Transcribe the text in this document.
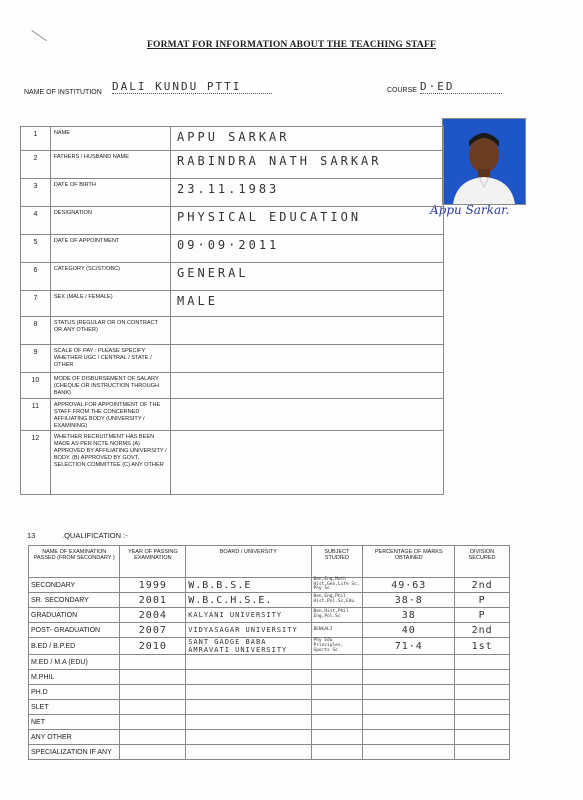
FORMAT FOR INFORMATION ABOUT THE TEACHING STAFF
NAME OF INSTITUTION DALI KUNDU PTTI	COURSE D·ED
Appu Sarkar.
1	NAME	APPU SARKAR
2	FATHERS / HUSBAND NAME	RABINDRA NATH SARKAR
3	DATE OF BIRTH	23.11.1983
4	DESIGNATION	PHYSICAL EDUCATION
5	DATE OF APPOINTMENT	09·09·2011
6	CATEGORY (SC/ST/OBC)	GENERAL
7	SEX (MALE / FEMALE)	MALE
8	STATUS (REGULAR OR ON CONTRACT OR ANY OTHER)	
9	SCALE OF PAY : PLEASE SPECIFY WHETHER UGC / CENTRAL / STATE / OTHER	
10	MODE OF DISBURSEMENT OF SALARY (CHEQUE OR INSTRUCTION THROUGH BANK)	
11	APPROVAL FOR APPOINTMENT OF THE STAFF FROM THE CONCERNED AFFILIATING BODY (UNIVERSITY / EXAMINING)	
12	WHETHER RECRUITMENT HAS BEEN MADE AS PER NCTE NORMS (A) APPROVED BY AFFILIATING UNIVERSITY / BODY. (B) APPROVED BY GOVT. SELECTION COMMITTEE (C) ANY OTHER	
13	.QUALIFICATION :-
NAME OF EXAMINATION PASSED (FROM SECONDARY )	YEAR OF PASSING EXAMINATION	BOARD / UNIVERSITY	SUBJECT STUDIED	PERCENTAGE OF MARKS OBTAINED	DIVISION SECURED
SECONDARY	1999	W.B.B.S.E	Ben,Eng,Math Hist,Geo,Life Sc, Phy Sc	49·63	2nd
SR. SECONDARY	2001	W.B.C.H.S.E.	Ben,Eng,Phil Hist,Pol.Sc,Edu	38·8	P
GRADUATION	2004	KALYANI UNIVERSITY	Ben,Hist,Phil Eng,Pol.Sc	38	P
POST- GRADUATION	2007	VIDYASAGAR UNIVERSITY	BENGALI	40	2nd
B.ED / B.P.ED	2010	SANT GADGE BABA AMRAVATI UNIVERSITY	Phy Edu Principles, Sports Sc	71·4	1st
M.ED / M.A (EDU)					
M.PHIL					
PH.D					
SLET					
NET					
ANY OTHER					
SPECIALIZATION IF ANY					
